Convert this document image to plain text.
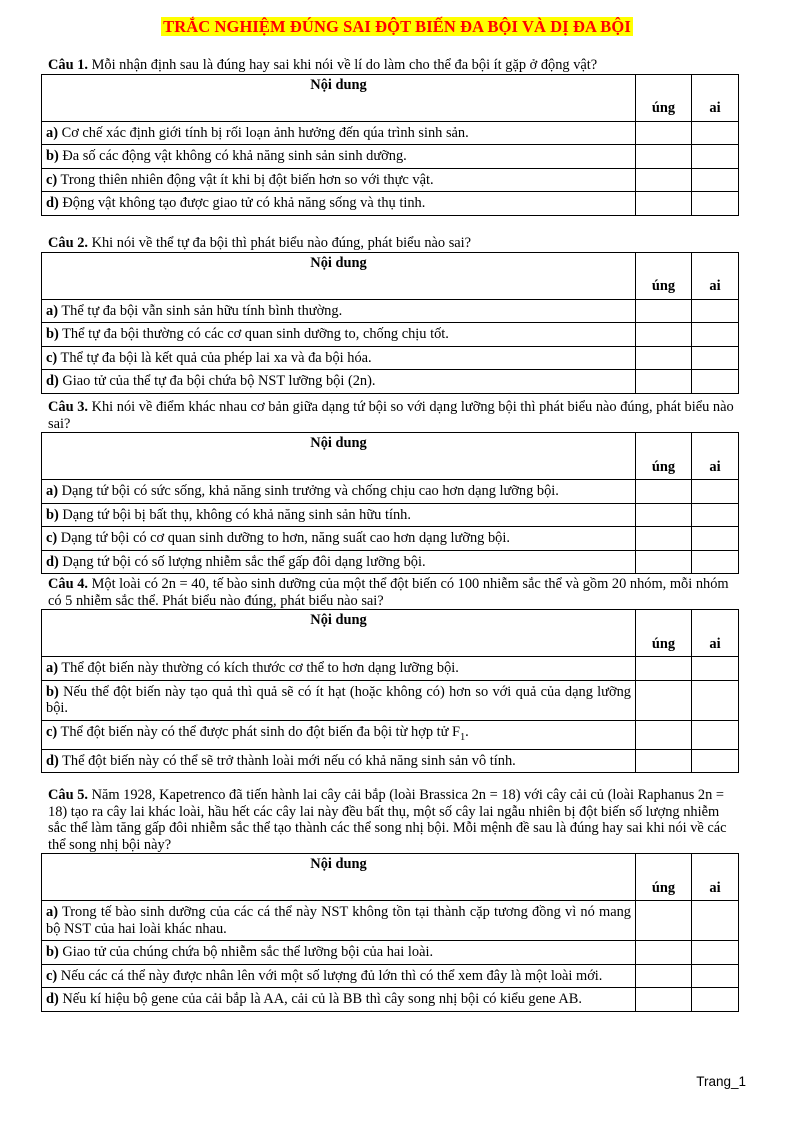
TRẮC NGHIỆM ĐÚNG SAI ĐỘT BIẾN ĐA BỘI VÀ DỊ ĐA BỘI
Câu 1. Mỗi nhận định sau là đúng hay sai khi nói về lí do làm cho thể đa bội ít gặp ở động vật?
Nội dung	úng	ai
a) Cơ chế xác định giới tính bị rối loạn ảnh hưởng đến qúa trình sinh sản.		
b) Đa số các động vật không có khả năng sinh sản sinh dưỡng.		
c) Trong thiên nhiên động vật ít khi bị đột biến hơn so với thực vật.		
d) Động vật không tạo được giao tử có khả năng sống và thụ tinh.		
Câu 2. Khi nói về thể tự đa bội thì phát biểu nào đúng, phát biểu nào sai?
Nội dung	úng	ai
a) Thể tự đa bội vẫn sinh sản hữu tính bình thường.		
b) Thể tự đa bội thường có các cơ quan sinh dưỡng to, chống chịu tốt.		
c) Thể tự đa bội là kết quả của phép lai xa và đa bội hóa.		
d) Giao tử của thể tự đa bội chứa bộ NST lưỡng bội (2n).		
Câu 3. Khi nói về điểm khác nhau cơ bản giữa dạng tứ bội so với dạng lưỡng bội thì phát biểu nào đúng, phát biểu nào sai?
Nội dung	úng	ai
a) Dạng tứ bội có sức sống, khả năng sinh trưởng và chống chịu cao hơn dạng lưỡng bội.		
b) Dạng tứ bội bị bất thụ, không có khả năng sinh sản hữu tính.		
c) Dạng tứ bội có cơ quan sinh dưỡng to hơn, năng suất cao hơn dạng lưỡng bội.		
d) Dạng tứ bội có số lượng nhiễm sắc thể gấp đôi dạng lưỡng bội.		
Câu 4. Một loài có 2n = 40, tế bào sinh dưỡng của một thể đột biến có 100 nhiễm sắc thể và gồm 20 nhóm, mỗi nhóm có 5 nhiễm sắc thể. Phát biểu nào đúng, phát biểu nào sai?
Nội dung	úng	ai
a) Thể đột biến này thường có kích thước cơ thể to hơn dạng lưỡng bội.		
b) Nếu thể đột biến này tạo quả thì quả sẽ có ít hạt (hoặc không có) hơn so với quả của dạng lưỡng bội.		
c) Thể đột biến này có thể được phát sinh do đột biến đa bội từ hợp tử $F_1$.		
d) Thể đột biến này có thể sẽ trở thành loài mới nếu có khả năng sinh sản vô tính.		
Câu 5. Năm 1928, Kapetrenco đã tiến hành lai cây cải bắp (loài Brassica 2n = 18) với cây cải củ (loài Raphanus 2n = 18) tạo ra cây lai khác loài, hầu hết các cây lai này đều bất thụ, một số cây lai ngẫu nhiên bị đột biến số lượng nhiễm sắc thể làm tăng gấp đôi nhiễm sắc thể tạo thành các thể song nhị bội. Mỗi mệnh đề sau là đúng hay sai khi nói về các thể song nhị bội này?
Nội dung	úng	ai
a) Trong tế bào sinh dưỡng của các cá thể này NST không tồn tại thành cặp tương đồng vì nó mang bộ NST của hai loài khác nhau.		
b) Giao tử của chúng chứa bộ nhiễm sắc thể lưỡng bội của hai loài.		
c) Nếu các cá thể này được nhân lên với một số lượng đủ lớn thì có thể xem đây là một loài mới.		
d) Nếu kí hiệu bộ gene của cải bắp là AA, cải củ là BB thì cây song nhị bội có kiểu gene AB.		
Trang_1
